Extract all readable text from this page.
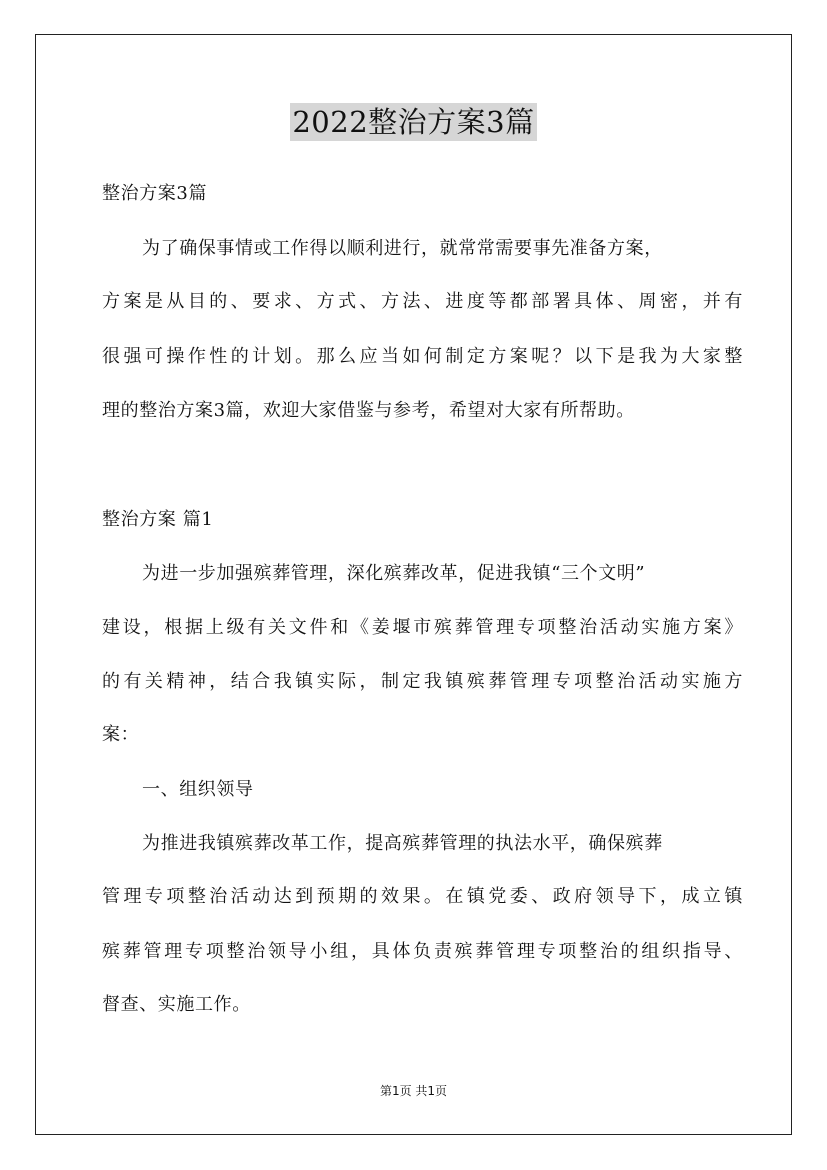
2022整治方案3篇
整治方案3篇
为了确保事情或工作得以顺利进行，就常常需要事先准备方案，
方案是从目的、要求、方式、方法、进度等都部署具体、周密，并有
很强可操作性的计划。那么应当如何制定方案呢？以下是我为大家整
理的整治方案3篇，欢迎大家借鉴与参考，希望对大家有所帮助。
整治方案 篇1
为进一步加强殡葬管理，深化殡葬改革，促进我镇“三个文明”
建设，根据上级有关文件和《姜堰市殡葬管理专项整治活动实施方案》
的有关精神，结合我镇实际，制定我镇殡葬管理专项整治活动实施方
案：
一、组织领导
为推进我镇殡葬改革工作，提高殡葬管理的执法水平，确保殡葬
管理专项整治活动达到预期的效果。在镇党委、政府领导下，成立镇
殡葬管理专项整治领导小组，具体负责殡葬管理专项整治的组织指导、
督查、实施工作。
第1页 共1页
